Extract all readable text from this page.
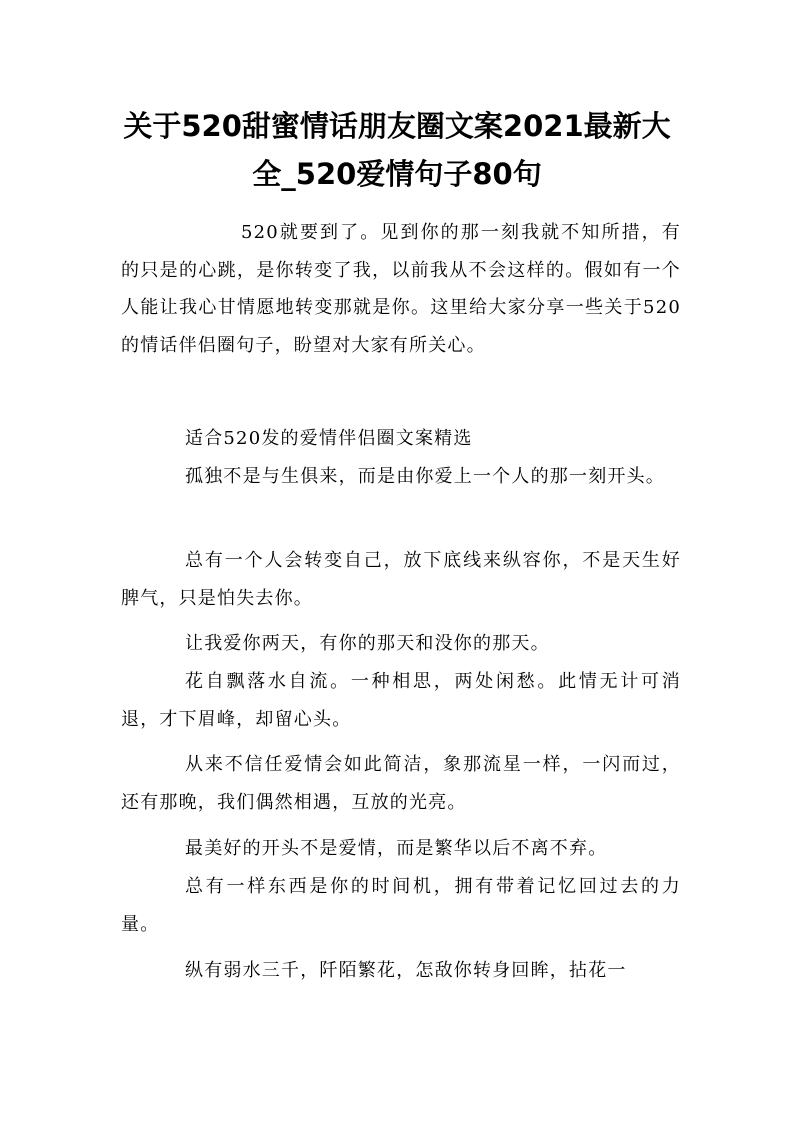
关于520甜蜜情话朋友圈文案2021最新大
全_520爱情句子80句

520就要到了。见到你的那一刻我就不知所措，有的只是的心跳，是你转变了我，以前我从不会这样的。假如有一个人能让我心甘情愿地转变那就是你。这里给大家分享一些关于520的情话伴侣圈句子，盼望对大家有所关心。

适合520发的爱情伴侣圈文案精选

孤独不是与生俱来，而是由你爱上一个人的那一刻开头。

总有一个人会转变自己，放下底线来纵容你，不是天生好脾气，只是怕失去你。

让我爱你两天，有你的那天和没你的那天。

花自飘落水自流。一种相思，两处闲愁。此情无计可消退，才下眉峰，却留心头。

从来不信任爱情会如此简洁，象那流星一样，一闪而过，还有那晚，我们偶然相遇，互放的光亮。

最美好的开头不是爱情，而是繁华以后不离不弃。

总有一样东西是你的时间机，拥有带着记忆回过去的力量。

纵有弱水三千，阡陌繁花，怎敌你转身回眸，拈花一
